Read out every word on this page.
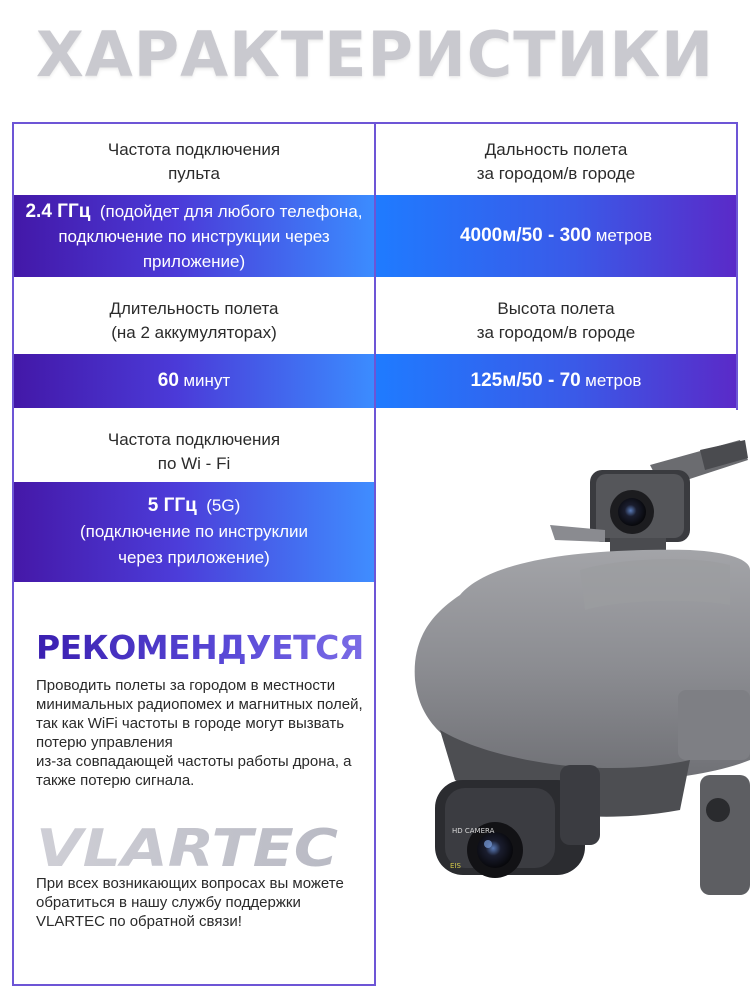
ХАРАКТЕРИСТИКИ
Частота подключения
пульта
Дальность полета
за городом/в городе
2.4 ГГц (подойдет для любого телефона, подключение по инструкции через приложение)
4000м/50 - 300 метров
Длительность полета
(на 2 аккумуляторах)
Высота полета
за городом/в городе
60 минут	125м/50 - 70 метров
Частота подключения
по Wi - Fi
5 ГГц (5G)
(подключение по инструклии
через приложение)
РЕКОМЕНДУЕТСЯ
Проводить полеты за городом в местности минимальных радиопомех и магнитных полей, так как WiFi частоты в городе могут вызвать потерю управления
из-за совпадающей частоты работы дрона, а также потерю сигнала.
VLARTEC
При всех возникающих вопросах вы можете обратиться в нашу службу поддержки VLARTEC по обратной связи!
HD CAMERA
EIS
